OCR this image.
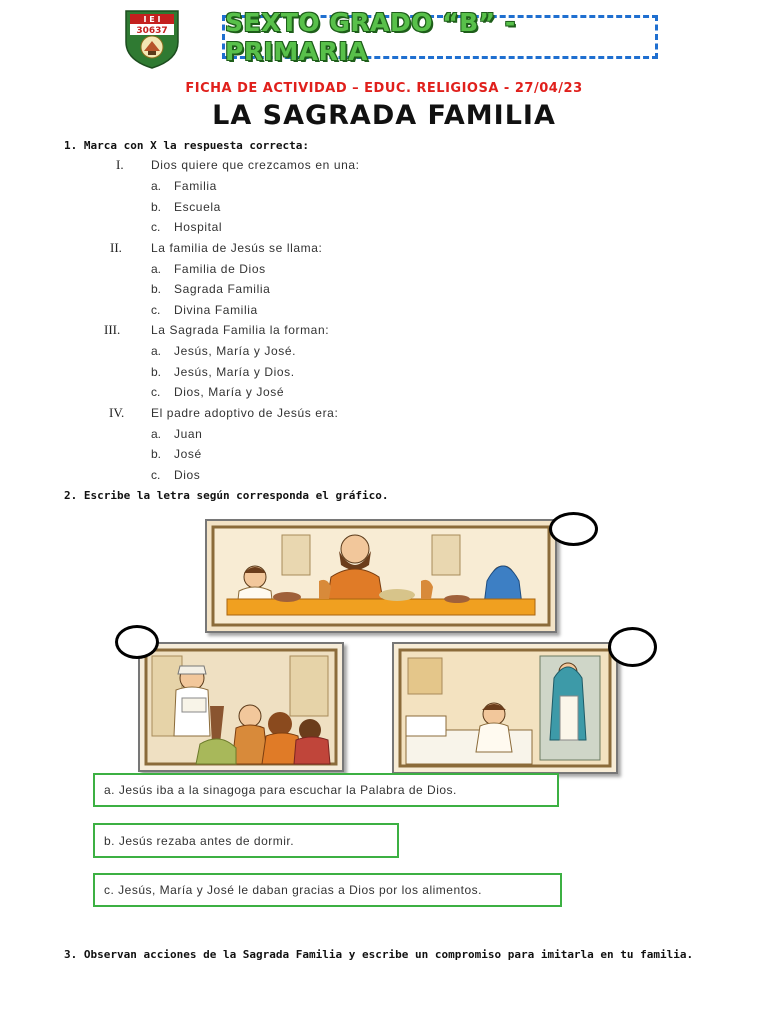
I E I
30637 SEXTO GRADO “B” - PRIMARIA
FICHA DE ACTIVIDAD – EDUC. RELIGIOSA - 27/04/23
LA SAGRADA FAMILIA
1. Marca con X la respuesta correcta:
I. Dios quiere que crezcamos en una:
a. Familia
b. Escuela
c. Hospital
II. La familia de Jesús se llama:
a. Familia de Dios
b. Sagrada Familia
c. Divina Familia
III.	La Sagrada Familia la forman:
a. Jesús, María y José.
b. Jesús, María y Dios.
c. Dios, María y José
IV. El padre adoptivo de Jesús era:
a. Juan
b. José
c. Dios
2. Escribe la letra según corresponda el gráfico.
a. Jesús iba a la sinagoga para escuchar la Palabra de Dios.
b. Jesús rezaba antes de dormir.
c. Jesús, María y José le daban gracias a Dios por los alimentos.
3. Observan acciones de la Sagrada Familia y escribe un compromiso para imitarla en tu familia.
